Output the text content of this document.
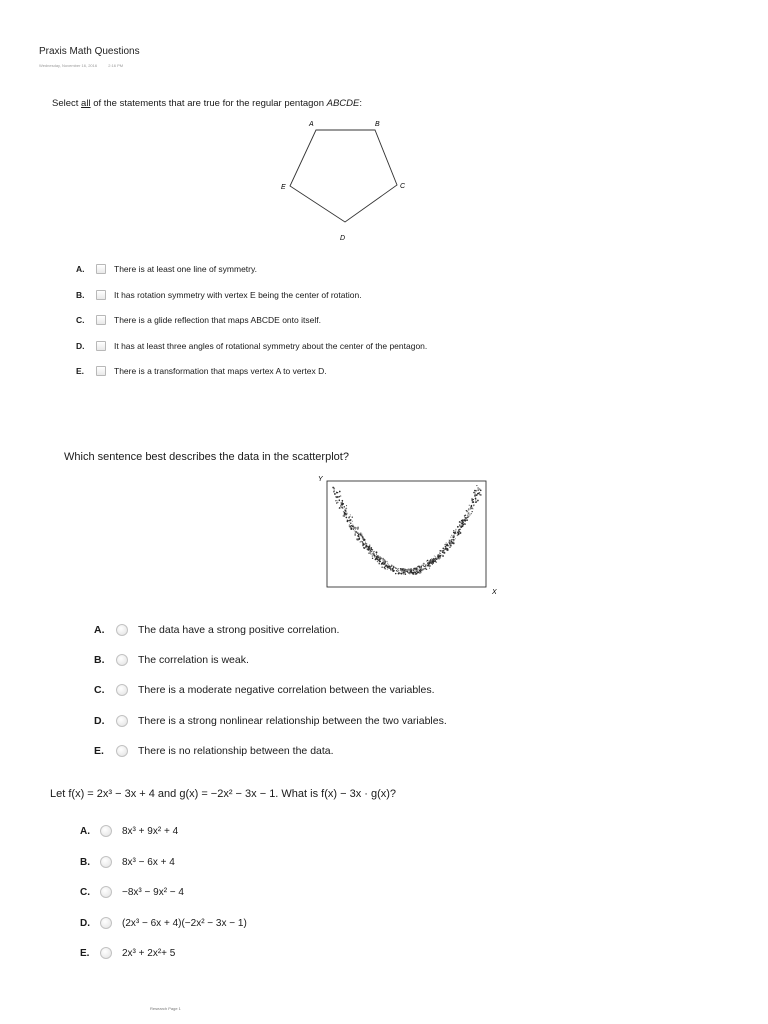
Praxis Math Questions
Wednesday, November 16, 2016	2:16 PM
Select all of the statements that are true for the regular pentagon ABCDE:
A	B
C
D
E
A.	There is at least one line of symmetry.
B.	It has rotation symmetry with vertex E being the center of rotation.
C.	There is a glide reflection that maps ABCDE onto itself.
D.	It has at least three angles of rotational symmetry about the center of the pentagon.
E.	There is a transformation that maps vertex A to vertex D.
Which sentence best describes the data in the scatterplot?
Y
X
A.	The data have a strong positive correlation.
B.	The correlation is weak.
C.	There is a moderate negative correlation between the variables.
D.	There is a strong nonlinear relationship between the two variables.
E.	There is no relationship between the data.
Let f(x) = 2x³ − 3x + 4 and g(x) = −2x² − 3x − 1. What is f(x) − 3x · g(x)?
A.	8x³ + 9x² + 4
B.	8x³ − 6x + 4
C.	−8x³ − 9x² − 4
D.	(2x³ − 6x + 4)(−2x² − 3x − 1)
E.	2x³ + 2x²+ 5
Research Page 1
